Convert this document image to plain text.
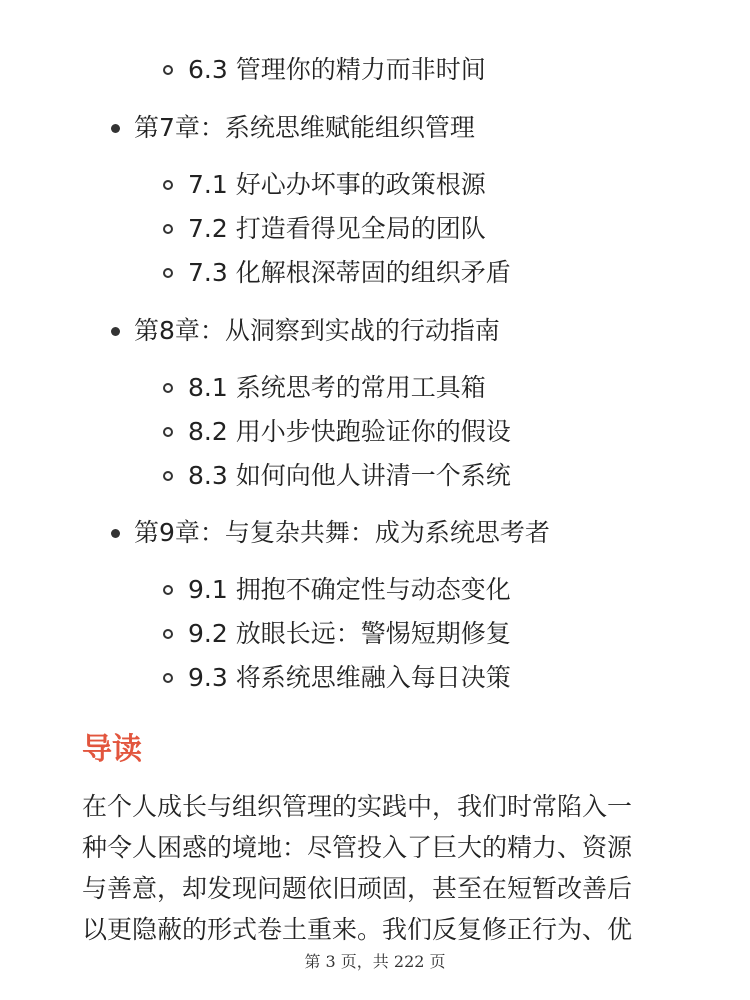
6.3 管理你的精力而非时间
第7章：系统思维赋能组织管理
7.1 好心办坏事的政策根源
7.2 打造看得见全局的团队
7.3 化解根深蒂固的组织矛盾
第8章：从洞察到实战的行动指南
8.1 系统思考的常用工具箱
8.2 用小步快跑验证你的假设
8.3 如何向他人讲清一个系统
第9章：与复杂共舞：成为系统思考者
9.1 拥抱不确定性与动态变化
9.2 放眼长远：警惕短期修复
9.3 将系统思维融入每日决策
导读
在个人成长与组织管理的实践中，我们时常陷入一
种令人困惑的境地：尽管投入了巨大的精力、资源
与善意，却发现问题依旧顽固，甚至在短暂改善后
以更隐蔽的形式卷土重来。我们反复修正行为、优
第 3 页，共 222 页
